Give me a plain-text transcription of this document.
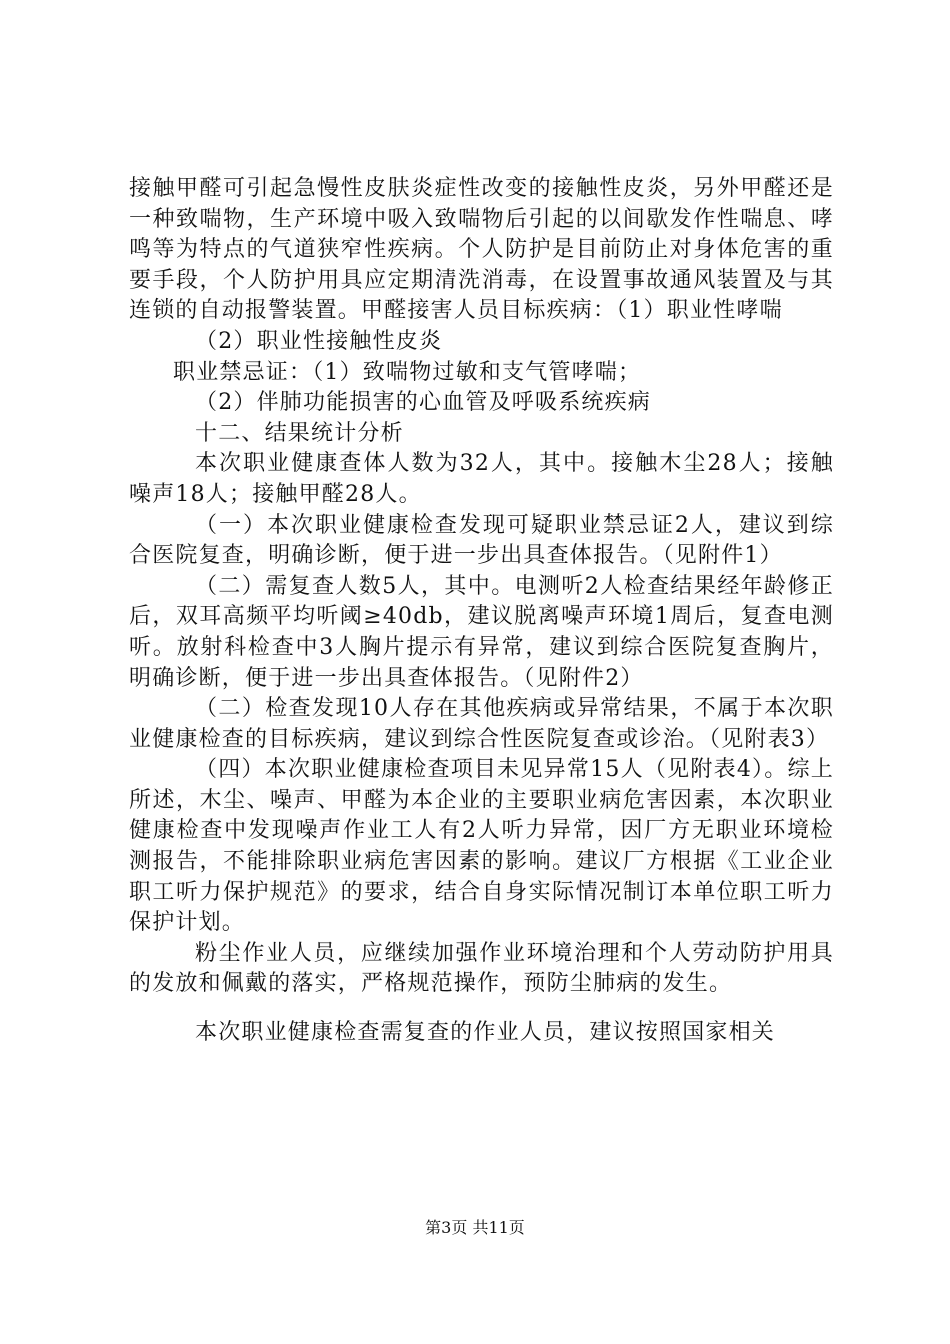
接触甲醛可引起急慢性皮肤炎症性改变的接触性皮炎，另外甲醛还是一种致喘物，生产环境中吸入致喘物后引起的以间歇发作性喘息、哮鸣等为特点的气道狭窄性疾病。个人防护是目前防止对身体危害的重要手段，个人防护用具应定期清洗消毒，在设置事故通风装置及与其连锁的自动报警装置。甲醛接害人员目标疾病：（1）职业性哮喘

（2）职业性接触性皮炎

职业禁忌证：（1）致喘物过敏和支气管哮喘；

（2）伴肺功能损害的心血管及呼吸系统疾病

十二、结果统计分析

本次职业健康查体人数为32人，其中。接触木尘28人；接触噪声18人；接触甲醛28人。

（一）本次职业健康检查发现可疑职业禁忌证2人，建议到综合医院复查，明确诊断，便于进一步出具查体报告。（见附件1）

（二）需复查人数5人，其中。电测听2人检查结果经年龄修正后，双耳高频平均听阈≥40db，建议脱离噪声环境1周后，复查电测听。放射科检查中3人胸片提示有异常，建议到综合医院复查胸片，明确诊断，便于进一步出具查体报告。（见附件2）

（二）检查发现10人存在其他疾病或异常结果，不属于本次职业健康检查的目标疾病，建议到综合性医院复查或诊治。（见附表3）

（四）本次职业健康检查项目未见异常15人（见附表4）。综上所述，木尘、噪声、甲醛为本企业的主要职业病危害因素，本次职业健康检查中发现噪声作业工人有2人听力异常，因厂方无职业环境检测报告，不能排除职业病危害因素的影响。建议厂方根据《工业企业职工听力保护规范》的要求，结合自身实际情况制订本单位职工听力保护计划。

粉尘作业人员，应继续加强作业环境治理和个人劳动防护用具的发放和佩戴的落实，严格规范操作，预防尘肺病的发生。

本次职业健康检查需复查的作业人员，建议按照国家相关

第3页 共11页
